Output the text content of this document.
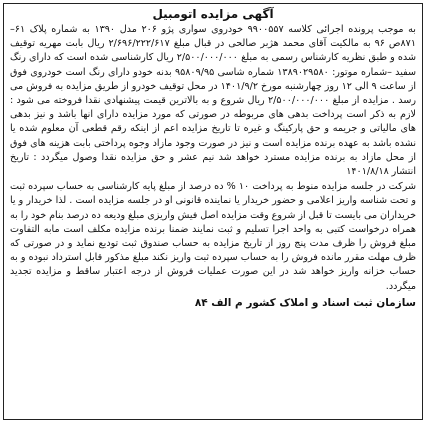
آگهی مزایده اتومبیل

به موجب پرونده اجرائی کلاسه ۹۹۰۰۵۵۷ خودروی سواری پژو ۲۰۶ مدل ۱۳۹۰ به شماره پلاک ۶۱–۸۷۱ص ۹۶ به مالکیت آقای محمد هژبر صالحی در قبال مبلغ ۲/۶۹۶/۲۲۲/۶۱۷ ریال بابت مهریه توقیف شده و طبق نظریه کارشناس رسمی به مبلغ ۲/۵۰۰/۰۰۰/۰۰۰ ریال کارشناسی شده است که دارای رنگ سفید –شماره موتور: ۱۳۸۹۰۲۹۵۸۰ شماره شاسی ۹۵۸۰۹/۹۵ بدنه خودو دارای رنگ است خودروی فوق از ساعت ۹ الی ۱۲ روز چهارشنبه مورخ ۱۴۰۱/۹/۲ در محل توقیف خودرو از طریق مزایده به فروش می رسد . مزایده از مبلغ ۲/۵۰۰/۰۰۰/۰۰۰ ریال شروع و به بالاترین قیمت پیشنهادی نقدا فروخته می شود : لازم به ذکر است پرداخت بدهی های مربوطه در صورتی که مورد مزایده دارای انها باشد و نیز بدهی های مالیاتی و جریمه و حق پارکینگ و غیره تا تاریخ مزایده اعم از اینکه رقم قطعی آن معلوم شده یا نشده باشد به عهده برنده مزایده است و نیز در صورت وجود مازاد وجوه پرداختی بابت هزینه های فوق از محل مازاد به برنده مزایده مسترد خواهد شد نیم عشر و حق مزایده نقدا وصول میگردد : تاریخ انتشار ۱۴۰۱/۸/۱۸

شرکت در جلسه مزایده منوط به پرداخت ۱۰ % ده درصد از مبلغ پایه کارشناسی به حساب سپرده ثبت و تحت شناسه واریز اعلامی و حضور خریدار یا نماینده قانونی او در جلسه مزایده است . لذا خریدار و یا خریداران می بایست تا قبل از شروع وقت مزایده اصل فیش واریزی مبلغ ودیعه ده درصد بنام خود را به همراه درخواست کتبی به واحد اجرا تسلیم و ثبت نمایند ضمنا برنده مزایده مکلف است مابه التفاوت مبلغ فروش را ظرف مدت پنج روز از تاریخ مزایده به حساب صندوق ثبت تودیع نماید و در صورتی که ظرف مهلت مقرر مانده فروش را به حساب سپرده ثبت واریز نکند مبلغ مذکور قابل استرداد نبوده و به حساب خزانه واریز خواهد شد در این صورت عملیات فروش از درجه اعتبار ساقط و مزایده تجدید میگردد.

سازمان ثبت اسناد و املاک کشور م الف ۸۴
